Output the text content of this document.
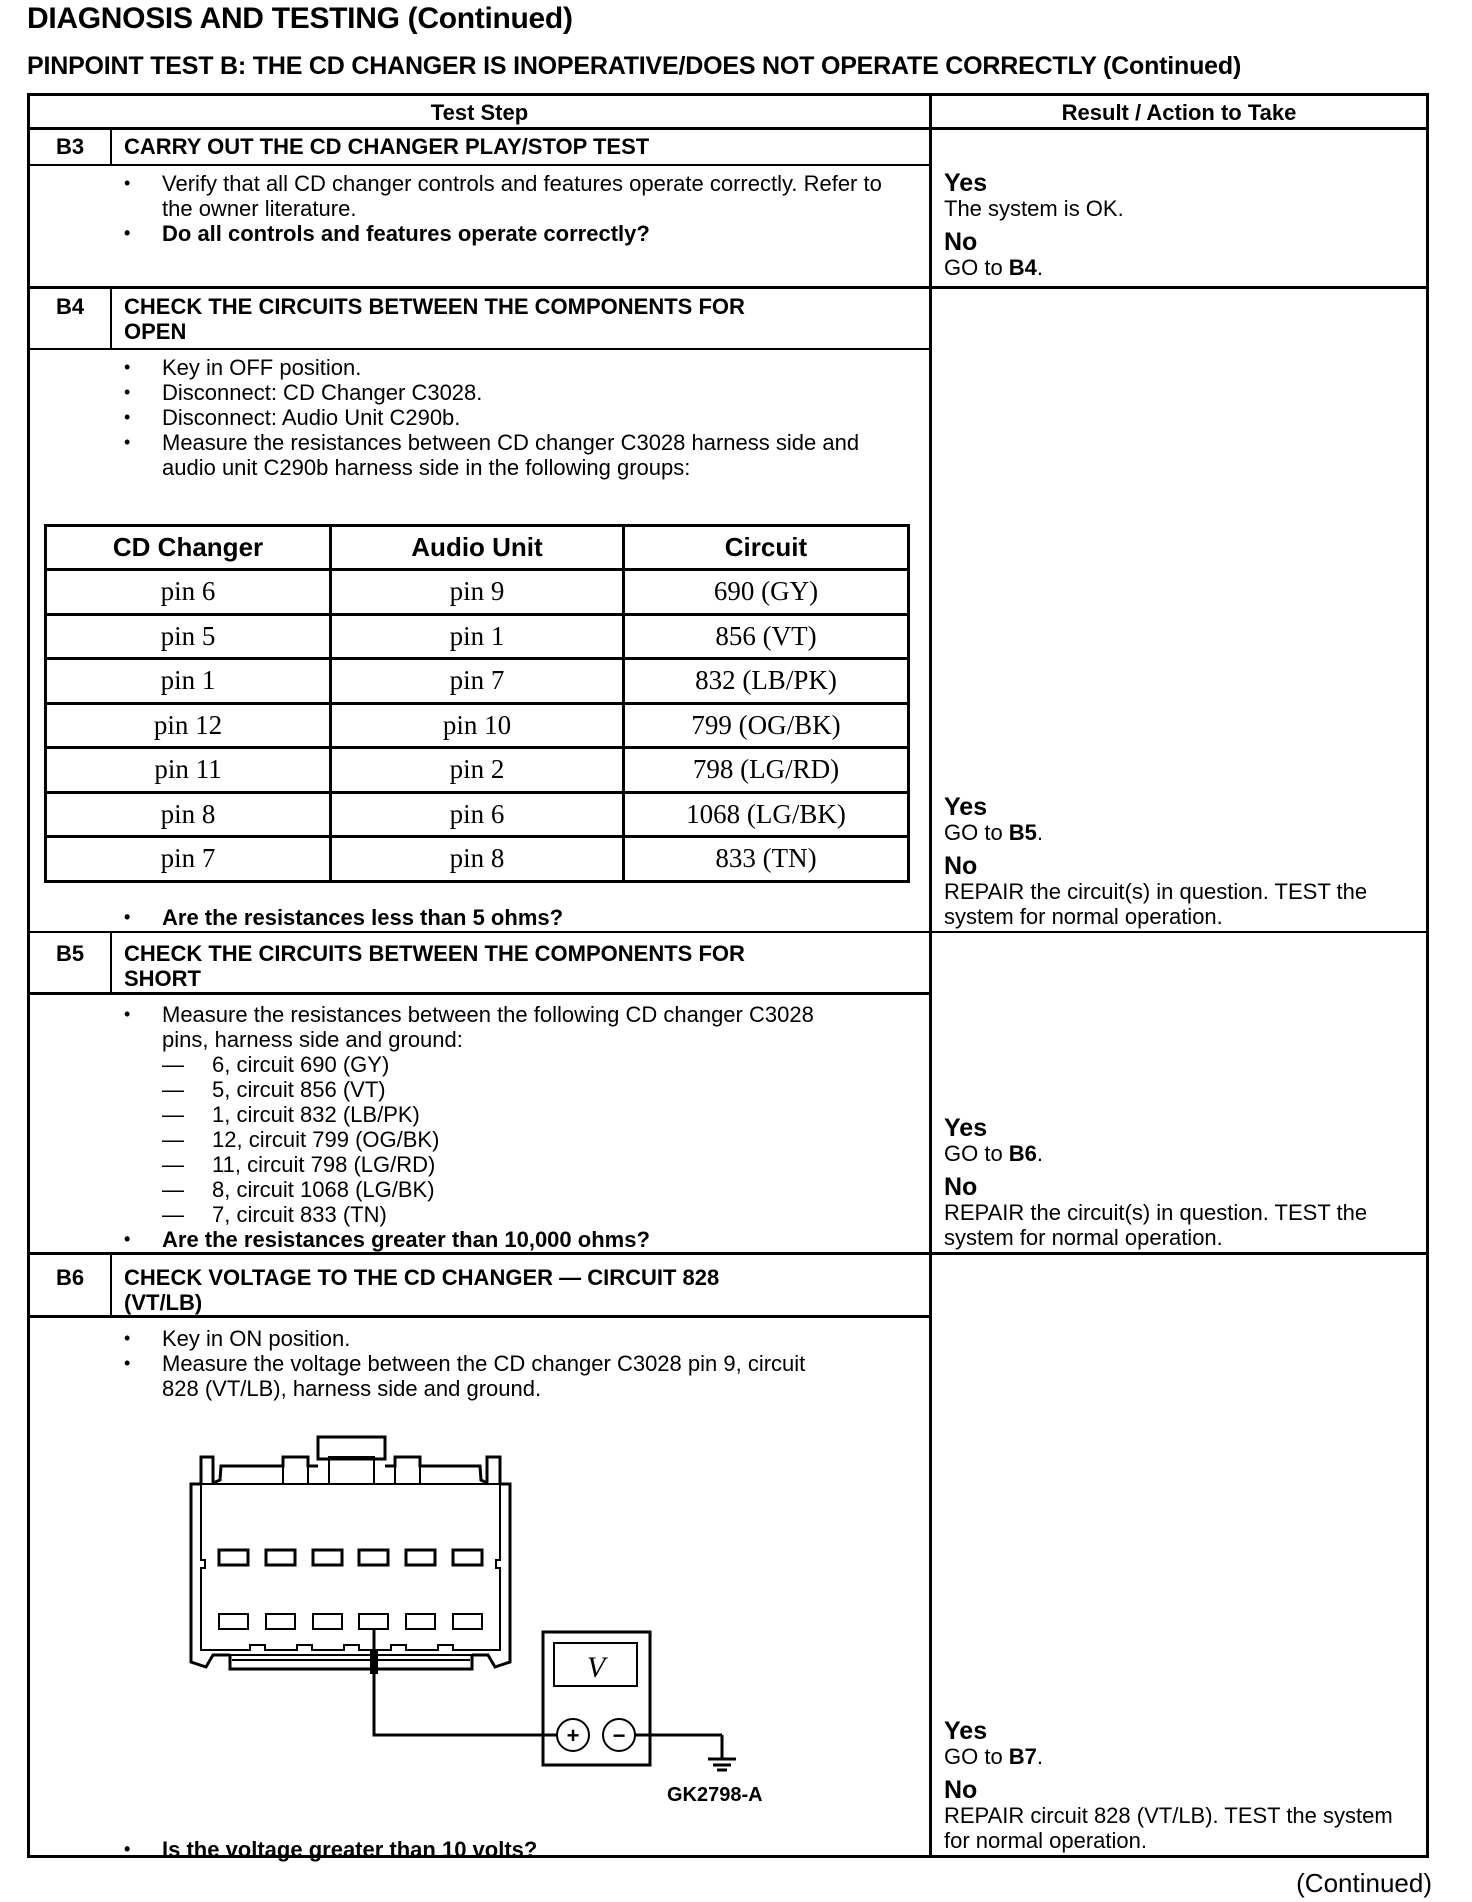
DIAGNOSIS AND TESTING (Continued)
PINPOINT TEST B: THE CD CHANGER IS INOPERATIVE/DOES NOT OPERATE CORRECTLY (Continued)
Test Step	Result / Action to Take
B3	CARRY OUT THE CD CHANGER PLAY/STOP TEST
• Verify that all CD changer controls and features operate correctly. Refer to the owner literature.
• Do all controls and features operate correctly?
Yes
The system is OK.
No
GO to B4.
B4	CHECK THE CIRCUITS BETWEEN THE COMPONENTS FOR
OPEN
• Key in OFF position.
• Disconnect: CD Changer C3028.
• Disconnect: Audio Unit C290b.
• Measure the resistances between CD changer C3028 harness side and audio unit C290b harness side in the following groups:
CD Changer	Audio Unit	Circuit
pin 6	pin 9	690 (GY)
pin 5	pin 1	856 (VT)
pin 1	pin 7	832 (LB/PK)
pin 12	pin 10	799 (OG/BK)
pin 11	pin 2	798 (LG/RD)
pin 8	pin 6	1068 (LG/BK)
pin 7	pin 8	833 (TN)
• Are the resistances less than 5 ohms?
Yes
GO to B5.
No
REPAIR the circuit(s) in question. TEST the system for normal operation.
B5	CHECK THE CIRCUITS BETWEEN THE COMPONENTS FOR
SHORT
• Measure the resistances between the following CD changer C3028 pins, harness side and ground:
— 6, circuit 690 (GY)
— 5, circuit 856 (VT)
— 1, circuit 832 (LB/PK)
— 12, circuit 799 (OG/BK)
— 11, circuit 798 (LG/RD)
— 8, circuit 1068 (LG/BK)
— 7, circuit 833 (TN)
• Are the resistances greater than 10,000 ohms?
Yes
GO to B6.
No
REPAIR the circuit(s) in question. TEST the system for normal operation.
B6	CHECK VOLTAGE TO THE CD CHANGER — CIRCUIT 828
(VT/LB)
• Key in ON position.
• Measure the voltage between the CD changer C3028 pin 9, circuit 828 (VT/LB), harness side and ground.
V
+ −
GK2798-A
• Is the voltage greater than 10 volts?
Yes
GO to B7.
No
REPAIR circuit 828 (VT/LB). TEST the system for normal operation.
(Continued)
